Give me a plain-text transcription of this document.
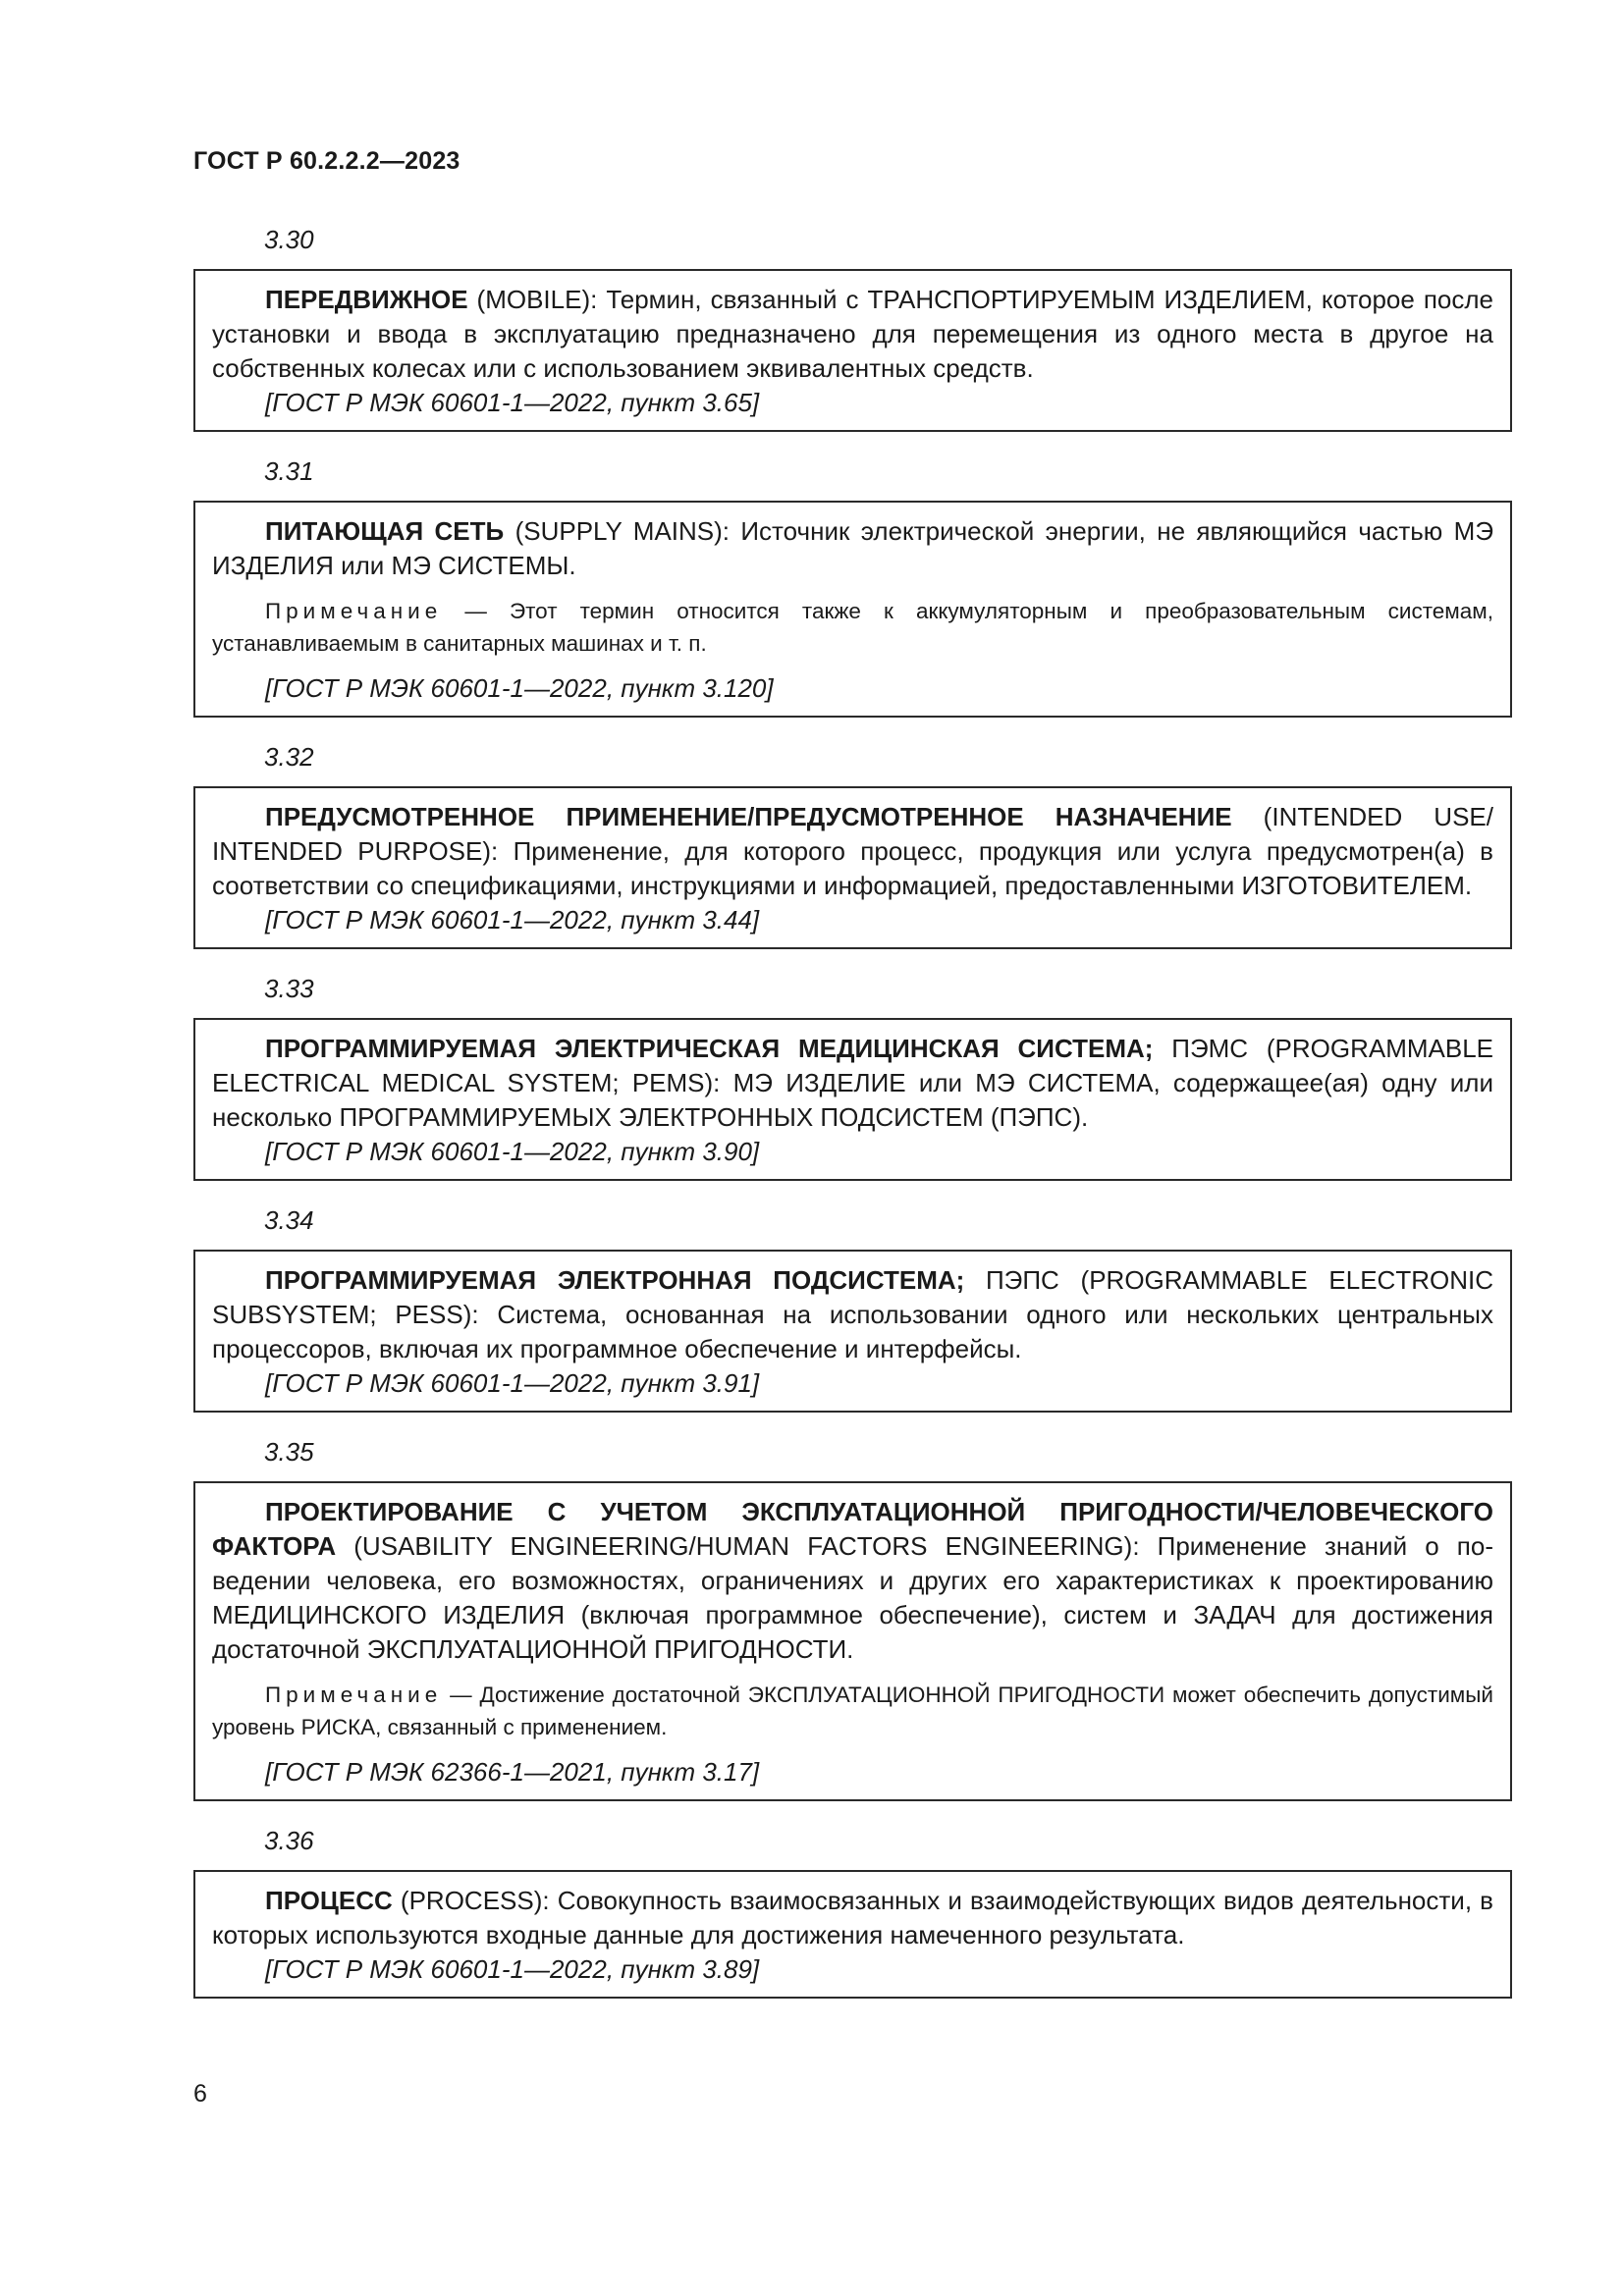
ГОСТ Р 60.2.2.2—2023
3.30

ПЕРЕДВИЖНОЕ (MOBILE): Термин, связанный с ТРАНСПОРТИРУЕМЫМ ИЗДЕЛИЕМ, которое после установки и ввода в эксплуатацию предназначено для перемещения из одного места в другое на собственных колесах или с использованием эквивалентных средств.

[ГОСТ Р МЭК 60601-1—2022, пункт 3.65]

3.31

ПИТАЮЩАЯ СЕТЬ (SUPPLY MAINS): Источник электрической энергии, не являющийся частью МЭ ИЗДЕЛИЯ или МЭ СИСТЕМЫ.

Примечание — Этот термин относится также к аккумуляторным и преобразовательным системам, устанавливаемым в санитарных машинах и т. п.

[ГОСТ Р МЭК 60601-1—2022, пункт 3.120]

3.32

ПРЕДУСМОТРЕННОЕ ПРИМЕНЕНИЕ/ПРЕДУСМОТРЕННОЕ НАЗНАЧЕНИЕ (INTENDED USE/ INTENDED PURPOSE): Применение, для которого процесс, продукция или услуга предусмотрен(а) в соответствии со спецификациями, инструкциями и информацией, предоставленными ИЗГОТОВИТЕЛЕМ.

[ГОСТ Р МЭК 60601-1—2022, пункт 3.44]

3.33

ПРОГРАММИРУЕМАЯ ЭЛЕКТРИЧЕСКАЯ МЕДИЦИНСКАЯ СИСТЕМА; ПЭМС (PROGRAMMABLE ELECTRICAL MEDICAL SYSTEM; PEMS): МЭ ИЗДЕЛИЕ или МЭ СИСТЕМА, содержащее(ая) одну или несколько ПРОГРАММИРУЕМЫХ ЭЛЕКТРОННЫХ ПОДСИСТЕМ (ПЭПС).

[ГОСТ Р МЭК 60601-1—2022, пункт 3.90]

3.34

ПРОГРАММИРУЕМАЯ ЭЛЕКТРОННАЯ ПОДСИСТЕМА; ПЭПС (PROGRAMMABLE ELECTRONIC SUBSYSTEM; PESS): Система, основанная на использовании одного или нескольких центральных процессоров, включая их программное обеспечение и интерфейсы.

[ГОСТ Р МЭК 60601-1—2022, пункт 3.91]

3.35

ПРОЕКТИРОВАНИЕ С УЧЕТОМ ЭКСПЛУАТАЦИОННОЙ ПРИГОДНОСТИ/ЧЕЛОВЕЧЕСКОГО ФАКТОРА (USABILITY ENGINEERING/HUMAN FACTORS ENGINEERING): Применение знаний о поведении человека, его возможностях, ограничениях и других его характеристиках к проектированию МЕДИЦИНСКОГО ИЗДЕЛИЯ (включая программное обеспечение), систем и ЗАДАЧ для достижения достаточной ЭКСПЛУАТАЦИОННОЙ ПРИГОДНОСТИ.

Примечание — Достижение достаточной ЭКСПЛУАТАЦИОННОЙ ПРИГОДНОСТИ может обеспечить допустимый уровень РИСКА, связанный с применением.

[ГОСТ Р МЭК 62366-1—2021, пункт 3.17]

3.36

ПРОЦЕСС (PROCESS): Совокупность взаимосвязанных и взаимодействующих видов деятельности, в которых используются входные данные для достижения намеченного результата.

[ГОСТ Р МЭК 60601-1—2022, пункт 3.89]

6
